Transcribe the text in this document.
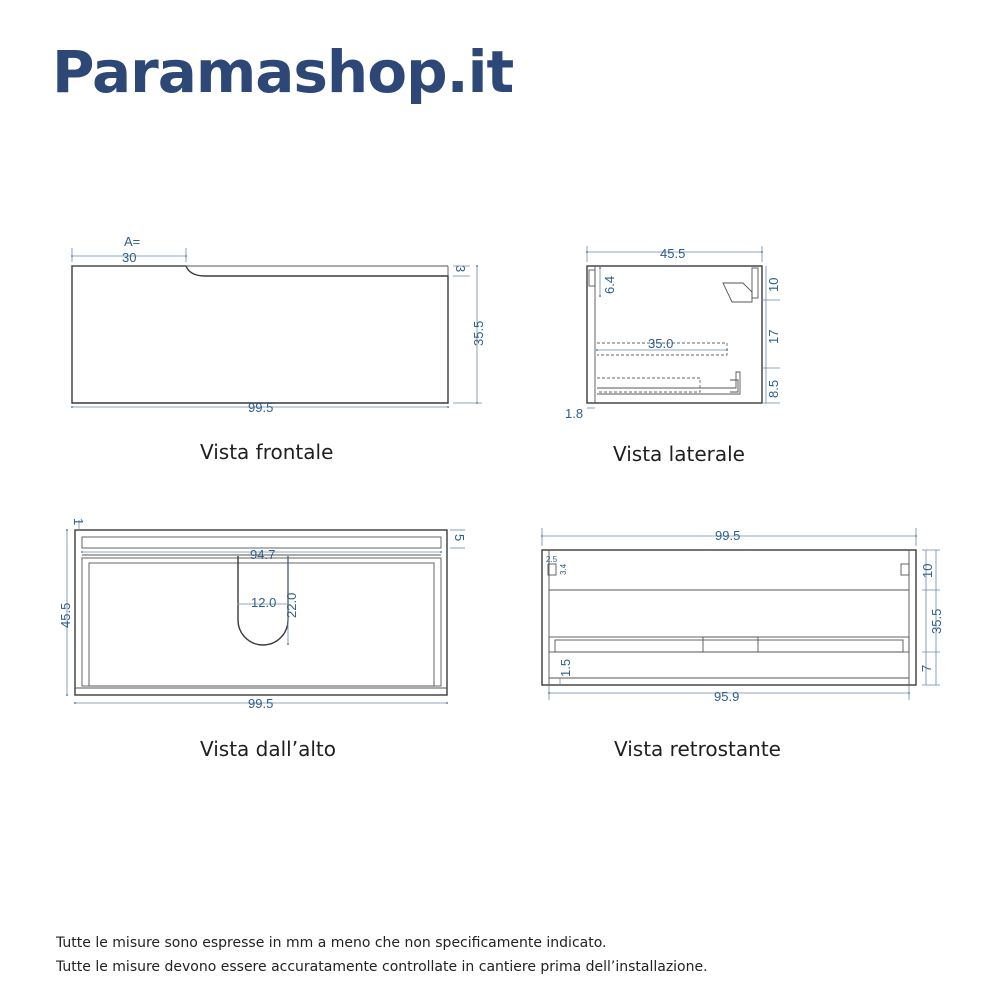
Paramashop.it
A=
30
3
35.5
99.5
45.5
6.4
35.0
10
17
8.5
1.8
1
94.7
5
45.5
12.0 22.0
99.5
99.5
2.5
3.4	10
35.5
7
1.5
95.9
Vista frontale	Vista laterale
Vista dall’alto	Vista retrostante
Tutte le misure sono espresse in mm a meno che non specificamente indicato.
Tutte le misure devono essere accuratamente controllate in cantiere prima dell’installazione.
